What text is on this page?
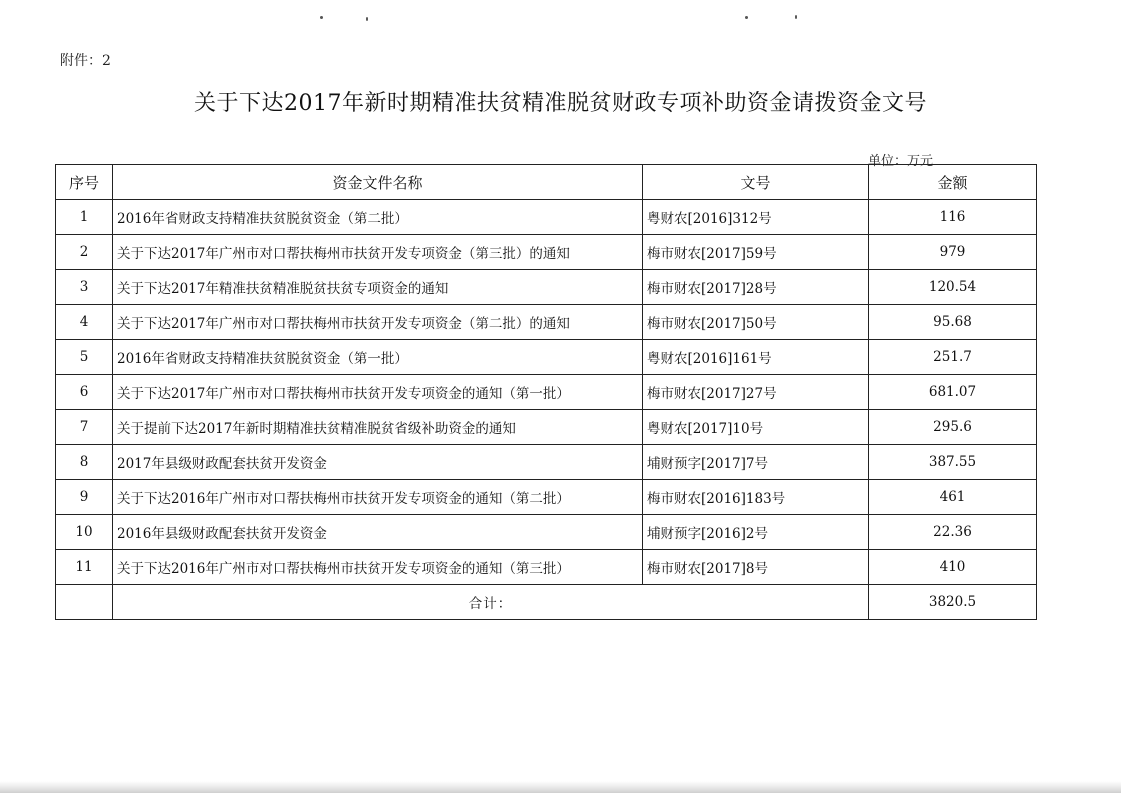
附件：2
关于下达2017年新时期精准扶贫精准脱贫财政专项补助资金请拨资金文号
单位：万元
序号	资金文件名称	文号	金额
1	2016年省财政支持精准扶贫脱贫资金（第二批）	粤财农[2016]312号	116
2	关于下达2017年广州市对口帮扶梅州市扶贫开发专项资金（第三批）的通知	梅市财农[2017]59号	979
3	关于下达2017年精准扶贫精准脱贫扶贫专项资金的通知	梅市财农[2017]28号	120.54
4	关于下达2017年广州市对口帮扶梅州市扶贫开发专项资金（第二批）的通知	梅市财农[2017]50号	95.68
5	2016年省财政支持精准扶贫脱贫资金（第一批）	粤财农[2016]161号	251.7
6	关于下达2017年广州市对口帮扶梅州市扶贫开发专项资金的通知（第一批）	梅市财农[2017]27号	681.07
7	关于提前下达2017年新时期精准扶贫精准脱贫省级补助资金的通知	粤财农[2017]10号	295.6
8	2017年县级财政配套扶贫开发资金	埔财预字[2017]7号	387.55
9	关于下达2016年广州市对口帮扶梅州市扶贫开发专项资金的通知（第二批）	梅市财农[2016]183号	461
10	2016年县级财政配套扶贫开发资金	埔财预字[2016]2号	22.36
11	关于下达2016年广州市对口帮扶梅州市扶贫开发专项资金的通知（第三批）	梅市财农[2017]8号	410
	合计：		3820.5
